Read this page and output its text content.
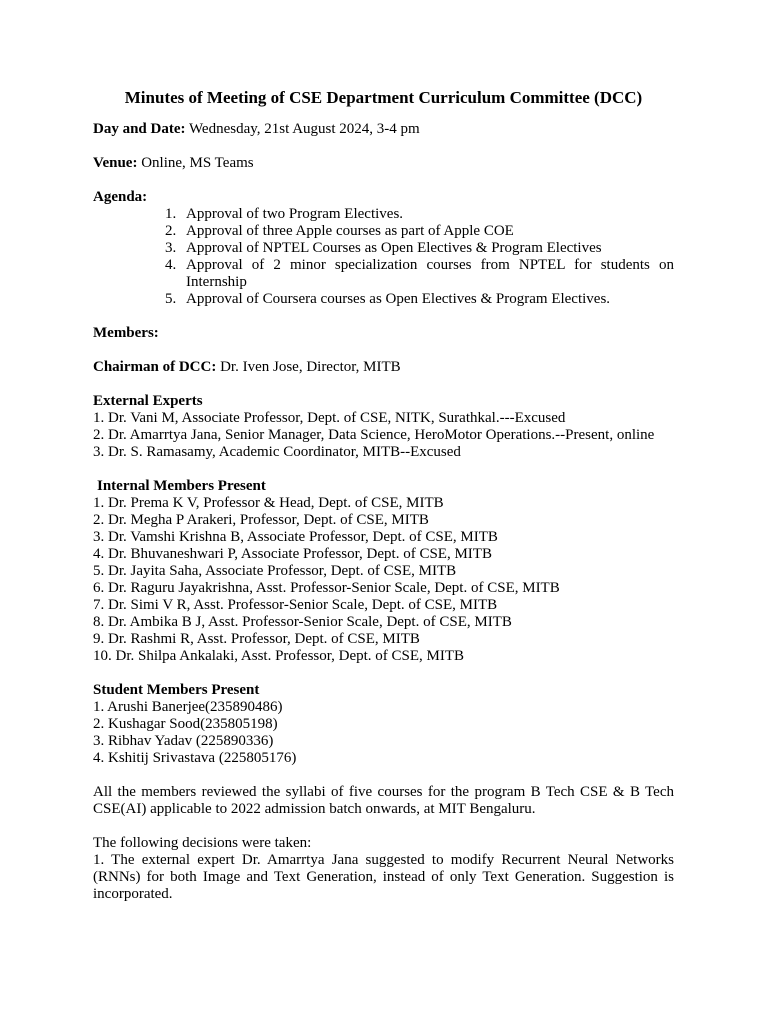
Minutes of Meeting of CSE Department Curriculum Committee (DCC)

Day and Date: Wednesday, 21st August 2024, 3-4 pm

Venue: Online, MS Teams

Agenda:
1. Approval of two Program Electives.
2. Approval of three Apple courses as part of Apple COE
3. Approval of NPTEL Courses as Open Electives & Program Electives
4. Approval of 2 minor specialization courses from NPTEL for students on Internship
5. Approval of Coursera courses as Open Electives & Program Electives.

Members:

Chairman of DCC: Dr. Iven Jose, Director, MITB

External Experts
1. Dr. Vani M, Associate Professor, Dept. of CSE, NITK, Surathkal.---Excused
2. Dr. Amarrtya Jana, Senior Manager, Data Science, HeroMotor Operations.--Present, online
3. Dr. S. Ramasamy, Academic Coordinator, MITB--Excused
Internal Members Present
1. Dr. Prema K V, Professor & Head, Dept. of CSE, MITB
2. Dr. Megha P Arakeri, Professor, Dept. of CSE, MITB
3. Dr. Vamshi Krishna B, Associate Professor, Dept. of CSE, MITB
4. Dr. Bhuvaneshwari P, Associate Professor, Dept. of CSE, MITB
5. Dr. Jayita Saha, Associate Professor, Dept. of CSE, MITB
6. Dr. Raguru Jayakrishna, Asst. Professor-Senior Scale, Dept. of CSE, MITB
7. Dr. Simi V R, Asst. Professor-Senior Scale, Dept. of CSE, MITB
8. Dr. Ambika B J, Asst. Professor-Senior Scale, Dept. of CSE, MITB
9. Dr. Rashmi R, Asst. Professor, Dept. of CSE, MITB
10. Dr. Shilpa Ankalaki, Asst. Professor, Dept. of CSE, MITB
Student Members Present
1. Arushi Banerjee(235890486)
2. Kushagar Sood(235805198)
3. Ribhav Yadav (225890336)
4. Kshitij Srivastava (225805176)

All the members reviewed the syllabi of five courses for the program B Tech CSE & B Tech CSE(AI) applicable to 2022 admission batch onwards, at MIT Bengaluru.

The following decisions were taken:
1. The external expert Dr. Amarrtya Jana suggested to modify Recurrent Neural Networks (RNNs) for both Image and Text Generation, instead of only Text Generation. Suggestion is incorporated.
